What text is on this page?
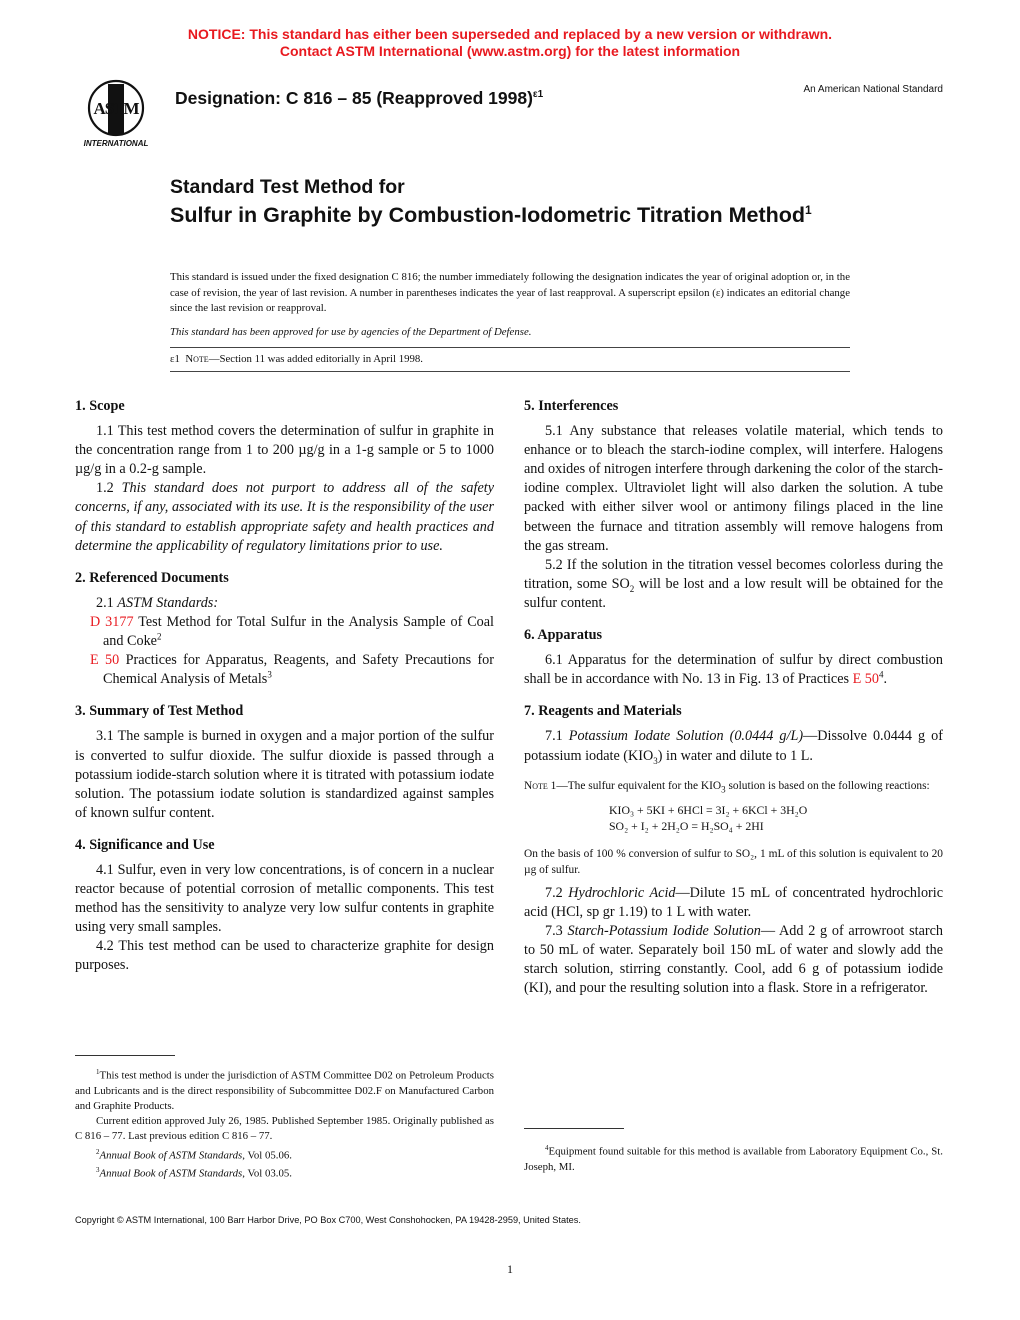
NOTICE: This standard has either been superseded and replaced by a new version or withdrawn.
Contact ASTM International (www.astm.org) for the latest information
ASTM
INTERNATIONAL
Designation: C 816 – 85 (Reapproved 1998)$^{\varepsilon 1}$	An American National Standard
Standard Test Method for
Sulfur in Graphite by Combustion-Iodometric Titration Method$^1$
This standard is issued under the fixed designation C 816; the number immediately following the designation indicates the year of original adoption or, in the case of revision, the year of last revision. A number in parentheses indicates the year of last reapproval. A superscript epsilon (ε) indicates an editorial change since the last revision or reapproval.
This standard has been approved for use by agencies of the Department of Defense.
ε1 Note—Section 11 was added editorially in April 1998.

1. Scope

1.1 This test method covers the determination of sulfur in graphite in the concentration range from 1 to 200 µg/g in a 1-g sample or 5 to 1000 µg/g in a 0.2-g sample.

1.2 This standard does not purport to address all of the safety concerns, if any, associated with its use. It is the responsibility of the user of this standard to establish appropriate safety and health practices and determine the applicability of regulatory limitations prior to use.

2. Referenced Documents

2.1 ASTM Standards:

D 3177 Test Method for Total Sulfur in the Analysis Sample of Coal and Coke$^2$

E 50 Practices for Apparatus, Reagents, and Safety Precautions for Chemical Analysis of Metals$^3$

3. Summary of Test Method

3.1 The sample is burned in oxygen and a major portion of the sulfur is converted to sulfur dioxide. The sulfur dioxide is passed through a potassium iodide-starch solution where it is titrated with potassium iodate solution. The potassium iodate solution is standardized against samples of known sulfur content.

4. Significance and Use

4.1 Sulfur, even in very low concentrations, is of concern in a nuclear reactor because of potential corrosion of metallic components. This test method has the sensitivity to analyze very low sulfur contents in graphite using very small samples.

4.2 This test method can be used to characterize graphite for design purposes.

$^1$This test method is under the jurisdiction of ASTM Committee D02 on Petroleum Products and Lubricants and is the direct responsibility of Subcommittee D02.F on Manufactured Carbon and Graphite Products.

Current edition approved July 26, 1985. Published September 1985. Originally published as C 816 – 77. Last previous edition C 816 – 77.

$^2$Annual Book of ASTM Standards, Vol 05.06.

$^3$Annual Book of ASTM Standards, Vol 03.05.

5. Interferences

5.1 Any substance that releases volatile material, which tends to enhance or to bleach the starch-iodine complex, will interfere. Halogens and oxides of nitrogen interfere through darkening the color of the starch-iodine complex. Ultraviolet light will also darken the solution. A tube packed with either silver wool or antimony filings placed in the line between the furnace and titration assembly will remove halogens from the gas stream.

5.2 If the solution in the titration vessel becomes colorless during the titration, some $SO_2$ will be lost and a low result will be obtained for the sulfur content.

6. Apparatus

6.1 Apparatus for the determination of sulfur by direct combustion shall be in accordance with No. 13 in Fig. 13 of Practices E $50^4$.

7. Reagents and Materials

7.1 Potassium Iodate Solution (0.0444 g/L)—Dissolve 0.0444 g of potassium iodate $(KIO_3)$ in water and dilute to 1 L.

Note 1—The sulfur equivalent for the $KIO_3$ solution is based on the following reactions:

KIO₃ + 5KI + 6HCl = 3I₂ + 6KCl + 3H₂O

SO₂ + I₂ + 2H₂O = H₂SO₄ + 2HI

On the basis of 100 % conversion of sulfur to SO₂, 1 mL of this solution is equivalent to 20 µg of sulfur.

7.2 Hydrochloric Acid—Dilute 15 mL of concentrated hydrochloric acid (HCl, sp gr 1.19) to 1 L with water.

7.3 Starch-Potassium Iodide Solution— Add 2 g of arrowroot starch to 50 mL of water. Separately boil 150 mL of water and slowly add the starch solution, stirring constantly. Cool, add 6 g of potassium iodide (KI), and pour the resulting solution into a flask. Store in a refrigerator.

$^4$Equipment found suitable for this method is available from Laboratory Equipment Co., St. Joseph, MI.

Copyright © ASTM International, 100 Barr Harbor Drive, PO Box C700, West Conshohocken, PA 19428-2959, United States.
1
